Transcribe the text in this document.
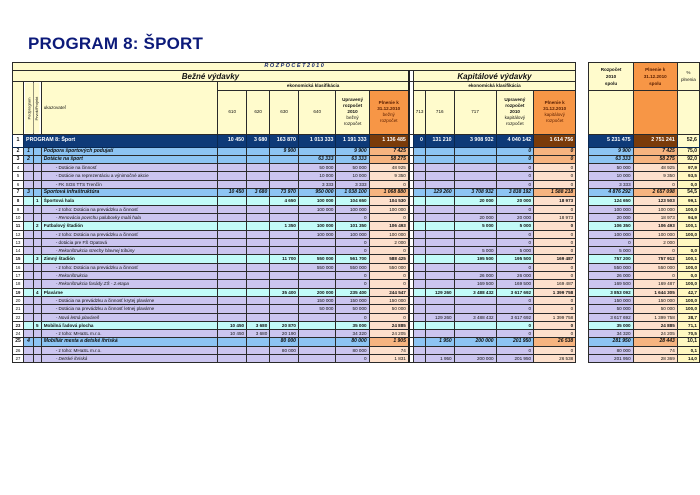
PROGRAM 8: ŠPORT
R O Z P O Č E T 2 0 1 0																	Rozpočet
2010
spolu	Plnenie k
31.12.2010
spolu	%
plnenia
Bežné výdavky											Kapitálové výdavky								
	Podprogram	Prvok/Projekt	ukazovateľ	ekonomická klasifikácia							ekonomická klasifikácia								
				610	620	630	640	Upravený
rozpočet
2010
bežný
rozpočet	Plnenie k
31.12.2010
bežný
rozpočet		713	716	717	Upravený
rozpočet
2010
kapitálový
rozpočet	Plnenie k
31.12.2010
kapitálový
rozpočet				
1	PROGRAM 8: Šport			10 450	3 680	163 870	1 013 333	1 191 333	1 136 485		0	131 210	3 908 932	4 040 142	1 614 756		5 231 475	2 751 241	52,6
2	1		Podpora športových podujatí			9 900		9 900	7 425					0	0		9 900	7 425	75,0
3	2		Dotácie na šport				63 333	63 333	58 275					0	0		63 333	58 275	92,0
4			- Dotácie na činnosť				50 000	50 000	48 925					0	0		50 000	48 925	97,9
5			- Dotácie na reprezentáciu a výnimočné akcie				10 000	10 000	9 350					0	0		10 000	9 350	93,5
6			- FK SOS TTS Trenčín				3 333	3 333	0					0	0		3 333	0	0,0
7	3		Športová infraštruktúra	10 450	3 680	73 970	950 000	1 038 100	1 068 880			129 260	3 708 932	3 838 192	1 588 218		4 876 292	2 657 098	54,5
8		1	Športová hala			4 650	100 000	104 650	104 530				20 000	20 000	18 973		124 650	123 503	99,1
9			- z toho: Dotácia na prevádzku a činnosť				100 000	100 000	100 000					0	0		100 000	100 000	100,0
10			- Renovácia povrchu palubovky malá hala					0	0				20 000	20 000	18 973		20 000	18 973	94,9
11		2	Futbalový štadión			1 350	100 000	101 350	106 493				5 000	5 000	0		106 350	106 493	100,1
12			- z toho: Dotácia na prevádzku a činnosť				100 000	100 000	100 000					0	0		100 000	100 000	100,0
13			- dotácia pre FŠ Opatová					0	2 000					0	0		0	2 000	
14			- Rekonštrukcia strechy hlavnej tribúny					0	0				5 000	5 000	0		5 000	0	0,0
15		3	Zimný štadión			11 700	550 000	561 700	588 425				195 500	195 500	169 487		757 200	757 912	100,1
16			- z toho: Dotácia na prevádzku a činnosť				550 000	550 000	550 000					0	0		550 000	550 000	100,0
17			- Rekonštrukcia					0	0				26 000	26 000	0		26 000	0	0,0
18			- Rekonštrukcia fasády ZŠ - 2.etapa					0	0				169 500	169 500	169 487		169 500	169 487	100,0
19		4	Plavárne			35 400	200 000	235 400	244 547			129 260	3 488 432	3 617 692	1 399 758		3 853 092	1 644 305	42,7
20			- Dotácia na prevádzku a činnosť krytej plavárne				150 000	150 000	150 000					0	0		150 000	150 000	100,0
21			- Dotácia na prevádzku a činnosť letnej plavárne				50 000	50 000	50 000					0	0		50 000	50 000	100,0
22			- Nová letná plaváreň					0	0			129 260	3 488 432	3 617 692	1 399 758		3 617 692	1 399 758	38,7
23		5	Mobilná ľadová plocha	10 450	3 680	20 870		35 000	24 885					0	0		35 000	24 885	71,1
24			- z toho: MHaSL m.r.o.	10 450	3 680	20 190		34 320	24 205					0	0		34 320	24 205	70,5
25	4		Mobiliár mesta a detské ihriská			80 000		80 000	1 905			1 950	200 000	201 950	26 538		281 950	28 443	10,1
26			- z toho: MHaSL m.r.o.			80 000		80 000	74					0	0		80 000	74	0,1
27			- Detské ihriská					0	1 831			1 950	200 000	201 950	26 538		201 950	28 369	14,0
